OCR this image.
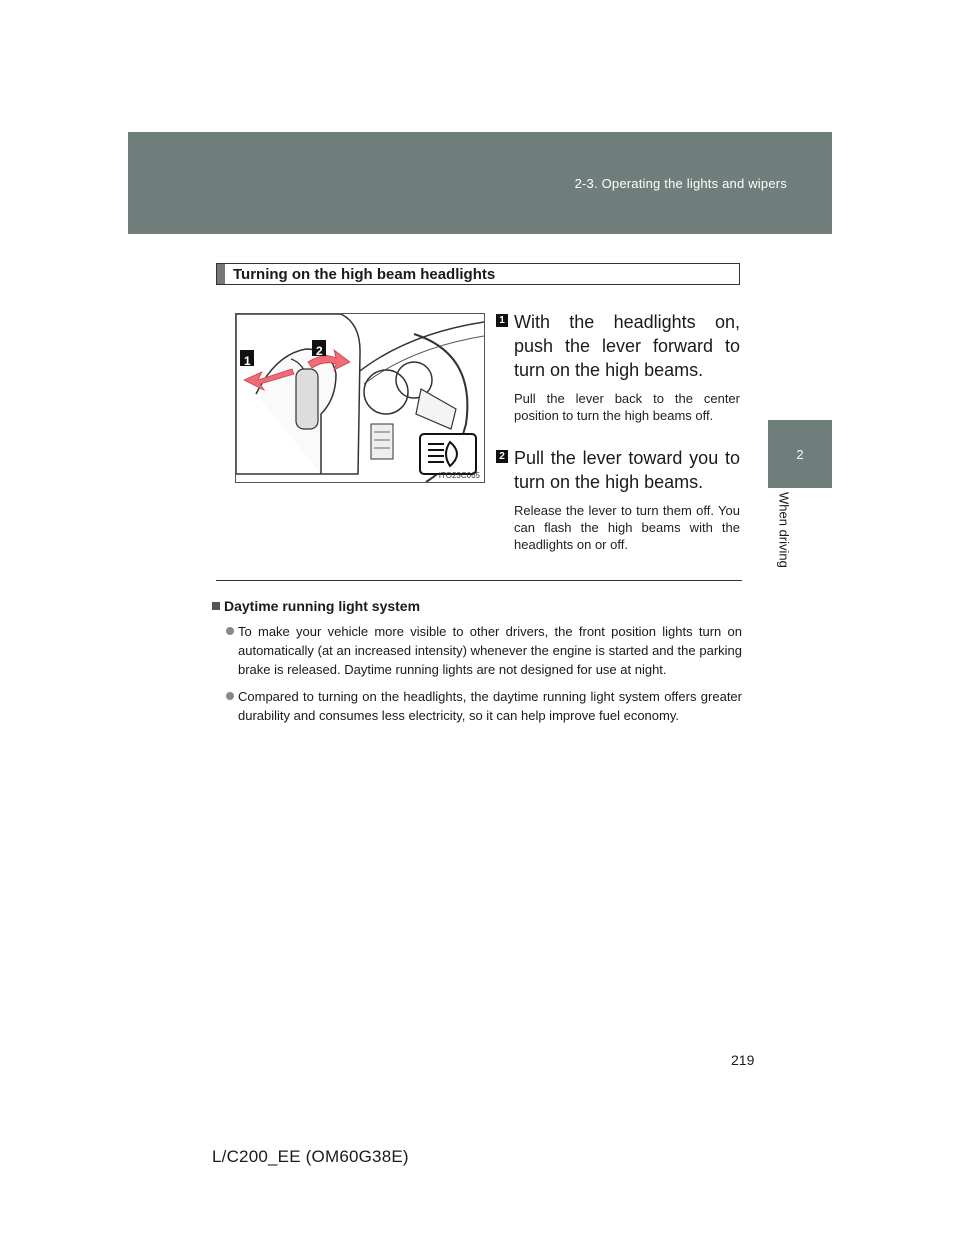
2-3. Operating the lights and wipers
2
When driving
Turning on the high beam headlights
1
2
ITO23C065
1 With the headlights on, push the lever forward to turn on the high beams.
Pull the lever back to the center position to turn the high beams off.
2 Pull the lever toward you to turn on the high beams.
Release the lever to turn them off. You can flash the high beams with the headlights on or off.
Daytime running light system
To make your vehicle more visible to other drivers, the front position lights turn on automatically (at an increased intensity) whenever the engine is started and the parking brake is released. Daytime running lights are not designed for use at night.
Compared to turning on the headlights, the daytime running light system offers greater durability and consumes less electricity, so it can help improve fuel economy.
219
L/C200_EE (OM60G38E)
